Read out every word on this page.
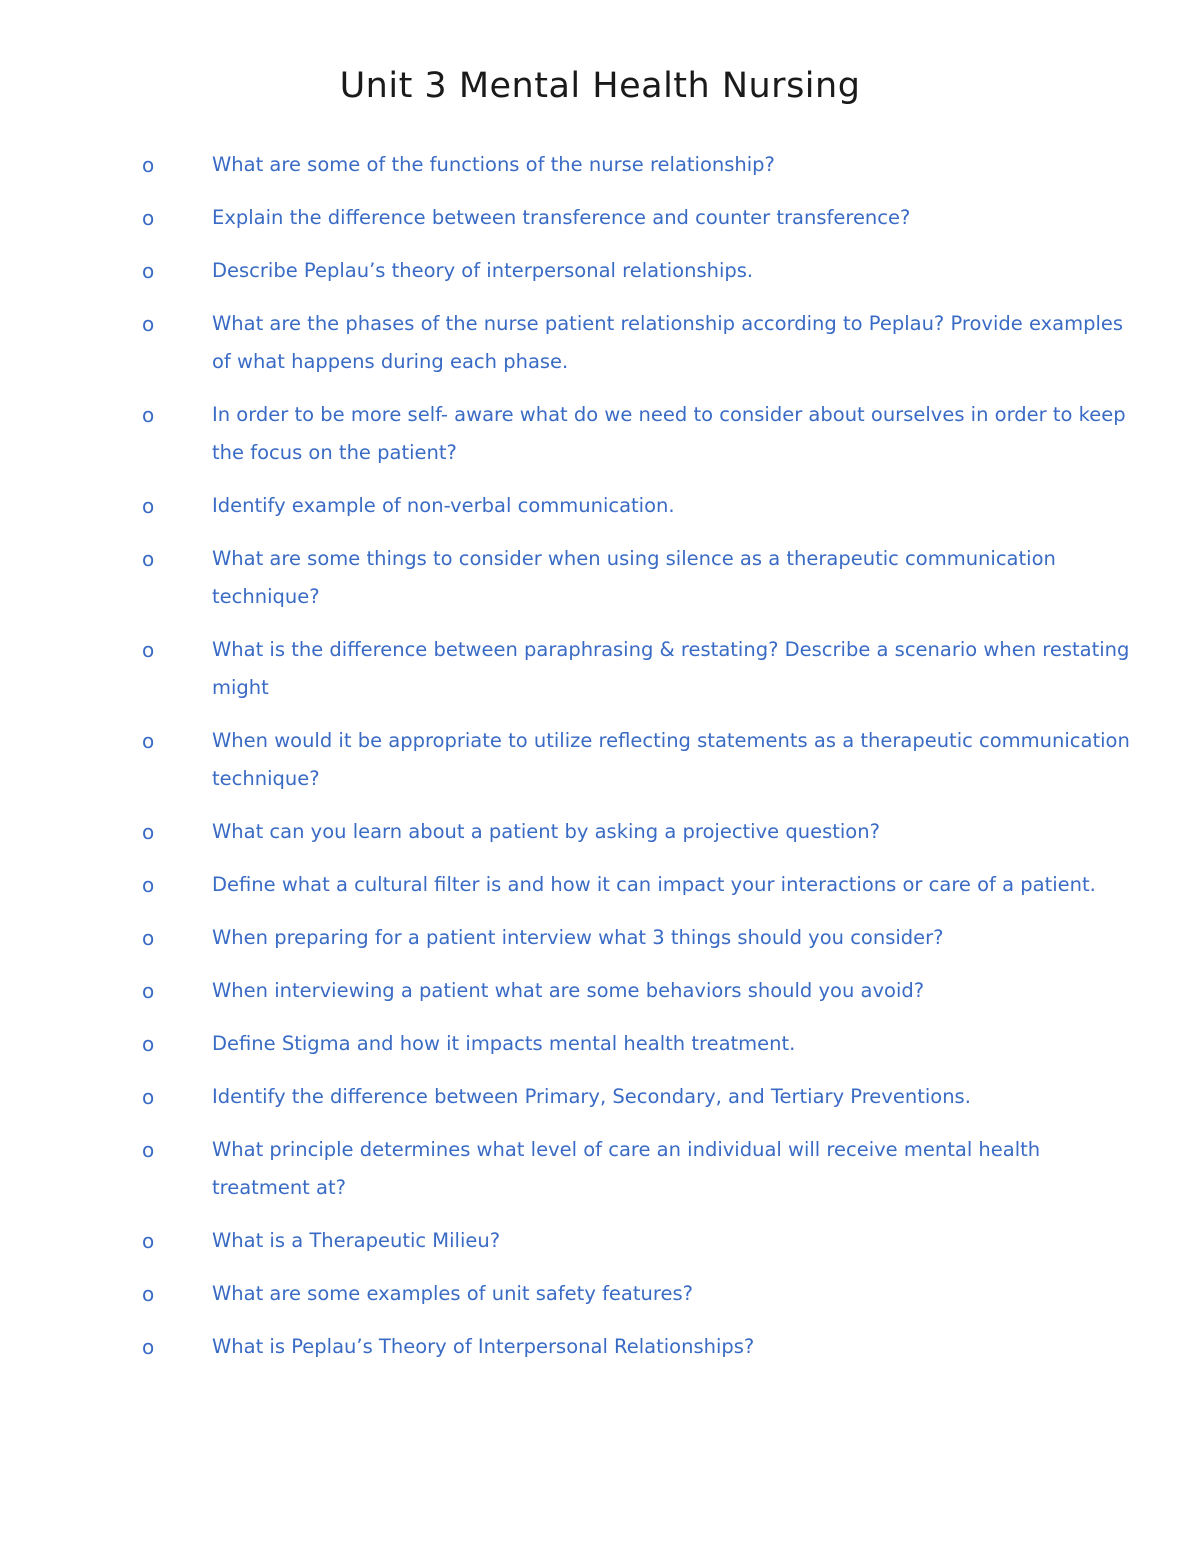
Unit 3 Mental Health Nursing
o	What are some of the functions of the nurse relationship?
o	Explain the difference between transference and counter transference?
o	Describe Peplau’s theory of interpersonal relationships.
o	What are the phases of the nurse patient relationship according to Peplau? Provide examples of what happens during each phase.
o	In order to be more self- aware what do we need to consider about ourselves in order to keep the focus on the patient?
o	Identify example of non-verbal communication.
o	What are some things to consider when using silence as a therapeutic communication technique?
o	What is the difference between paraphrasing & restating? Describe a scenario when restating might
o	When would it be appropriate to utilize reflecting statements as a therapeutic communication technique?
o	What can you learn about a patient by asking a projective question?
o	Define what a cultural filter is and how it can impact your interactions or care of a patient.
o	When preparing for a patient interview what 3 things should you consider?
o	When interviewing a patient what are some behaviors should you avoid?
o	Define Stigma and how it impacts mental health treatment.
o	Identify the difference between Primary, Secondary, and Tertiary Preventions.
o	What principle determines what level of care an individual will receive mental health treatment at?
o	What is a Therapeutic Milieu?
o	What are some examples of unit safety features?
o	What is Peplau’s Theory of Interpersonal Relationships?
